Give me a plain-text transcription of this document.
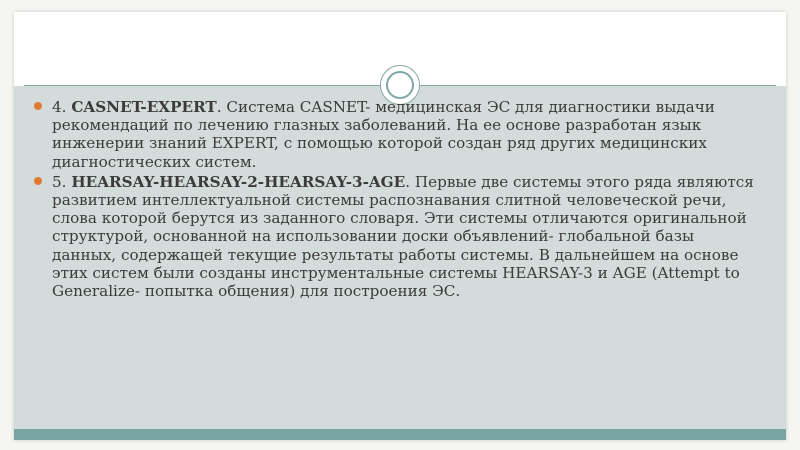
4. CASNET-EXPERT. Система CASNET- медицинская ЭС для диагностики выдачи рекомендаций по лечению глазных заболеваний. На ее основе разработан язык инженерии знаний EXPERT, с помощью которой создан ряд других медицинских диагностических систем.

5. HEARSAY-HEARSAY-2-HEARSAY-3-AGE. Первые две системы этого ряда являются развитием интеллектуальной системы распознавания слитной человеческой речи, слова которой берутся из заданного словаря. Эти системы отличаются оригинальной структурой, основанной на использовании доски объявлений- глобальной базы данных, содержащей текущие результаты работы системы. В дальнейшем на основе этих систем были созданы инструментальные системы HEARSAY-3 и AGE (Attempt to Generalize- попытка общения) для построения ЭС.
